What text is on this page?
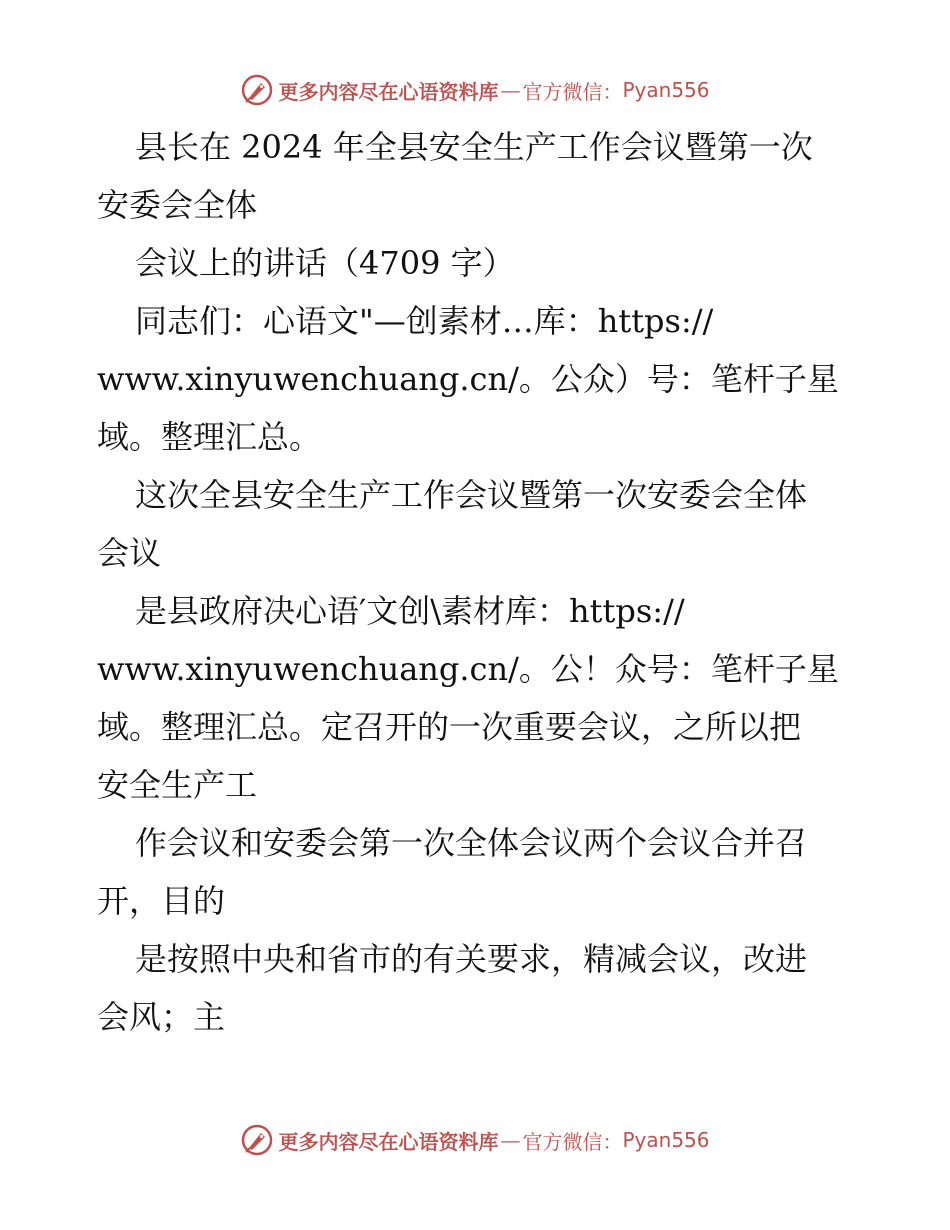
更多内容尽在心语资料库 — 官方微信： Pyan556
县长在 2024 年全县安全生产工作会议暨第一次
安委会全体
会议上的讲话（4709 字）
同志们：心语文"—创素材…库：https://
www.xinyuwenchuang.cn/。公众）号：笔杆子星
域。整理汇总。
这次全县安全生产工作会议暨第一次安委会全体
会议
是县政府决心语′文创\素材库：https://
www.xinyuwenchuang.cn/。公！众号：笔杆子星
域。整理汇总。定召开的一次重要会议，之所以把
安全生产工
作会议和安委会第一次全体会议两个会议合并召
开，目的
是按照中央和省市的有关要求，精减会议，改进
会风；主
更多内容尽在心语资料库 — 官方微信： Pyan556
